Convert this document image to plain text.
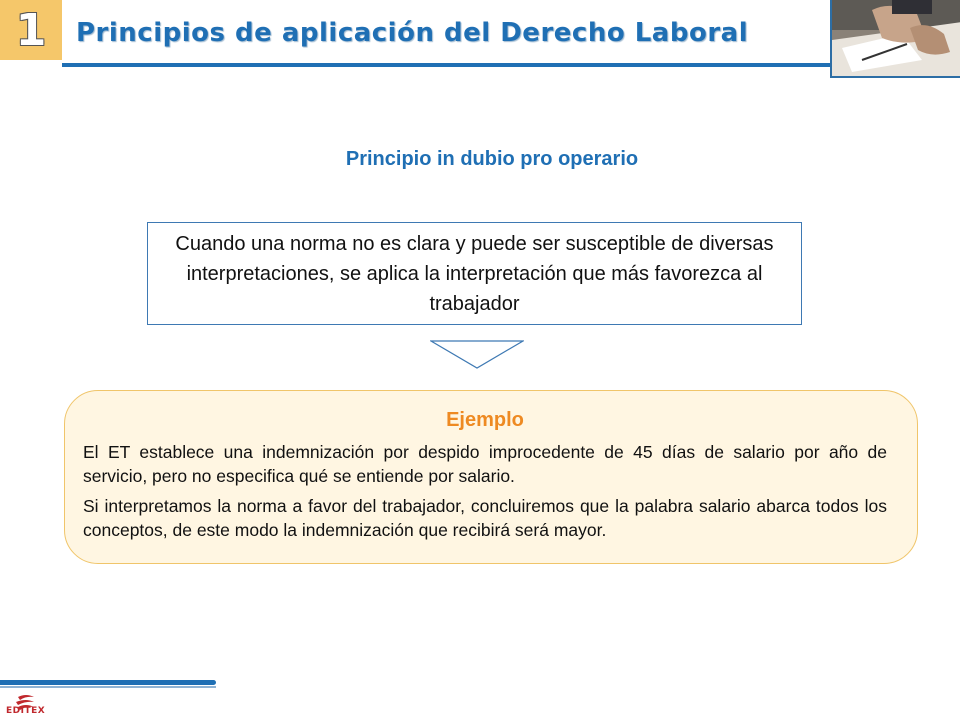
1 Principios de aplicación del Derecho Laboral
Principio in dubio pro operario

Cuando una norma no es clara y puede ser susceptible de diversas interpretaciones, se aplica la interpretación que más favorezca al trabajador

Ejemplo

El ET establece una indemnización por despido improcedente de 45 días de salario por año de servicio, pero no especifica qué se entiende por salario.

Si interpretamos la norma a favor del trabajador, concluiremos que la palabra salario abarca todos los conceptos, de este modo la indemnización que recibirá será mayor.

EDITEX
